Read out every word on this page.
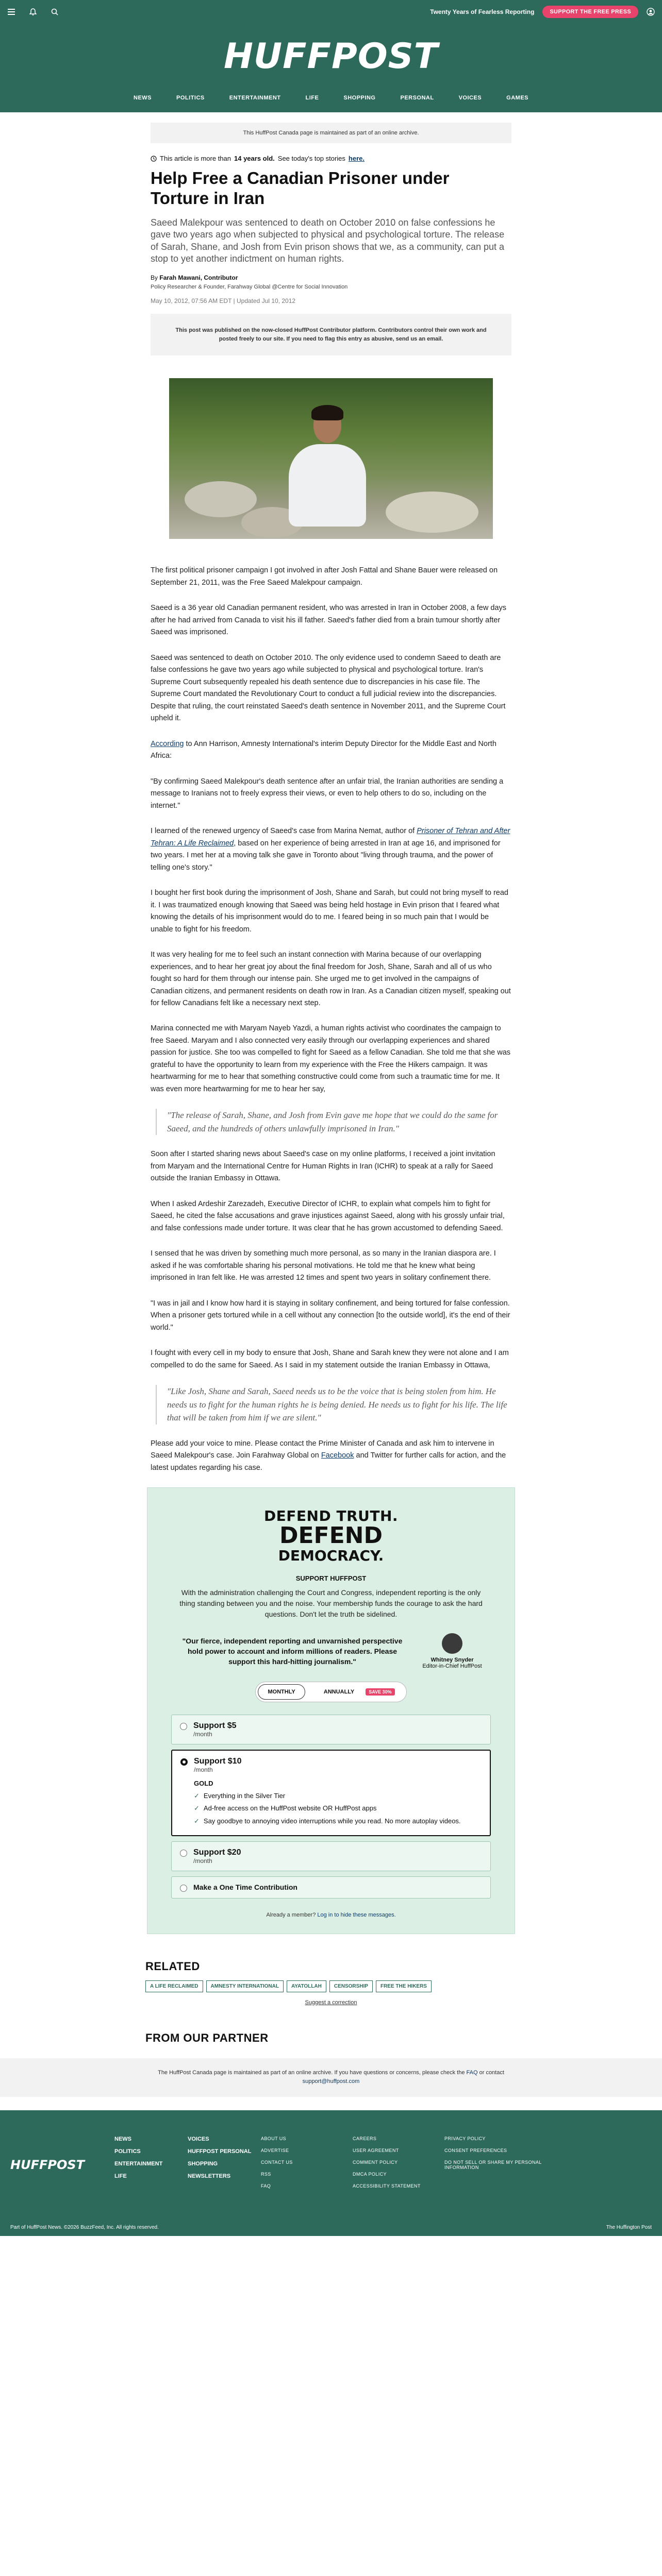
Twenty Years of Fearless Reporting	SUPPORT THE FREE PRESS
HUFFPOST
NEWS	POLITICS	ENTERTAINMENT	LIFE	SHOPPING	PERSONAL	VOICES	GAMES
This HuffPost Canada page is maintained as part of an online archive.
This article is more than 14 years old. See today's top stories here.
Help Free a Canadian Prisoner under Torture in Iran

Saeed Malekpour was sentenced to death on October 2010 on false confessions he gave two years ago when subjected to physical and psychological torture. The release of Sarah, Shane, and Josh from Evin prison shows that we, as a community, can put a stop to yet another indictment on human rights.

By Farah Mawani, Contributor
Policy Researcher & Founder, Farahway Global @Centre for Social Innovation
May 10, 2012, 07:56 AM EDT | Updated Jul 10, 2012
This post was published on the now-closed HuffPost Contributor platform. Contributors control their own work and posted freely to our site. If you need to flag this entry as abusive, send us an email.

The first political prisoner campaign I got involved in after Josh Fattal and Shane Bauer were released on September 21, 2011, was the Free Saeed Malekpour campaign.

Saeed is a 36 year old Canadian permanent resident, who was arrested in Iran in October 2008, a few days after he had arrived from Canada to visit his ill father. Saeed's father died from a brain tumour shortly after Saeed was imprisoned.

Saeed was sentenced to death on October 2010. The only evidence used to condemn Saeed to death are false confessions he gave two years ago while subjected to physical and psychological torture. Iran's Supreme Court subsequently repealed his death sentence due to discrepancies in his case file. The Supreme Court mandated the Revolutionary Court to conduct a full judicial review into the discrepancies. Despite that ruling, the court reinstated Saeed's death sentence in November 2011, and the Supreme Court upheld it.

According to Ann Harrison, Amnesty International's interim Deputy Director for the Middle East and North Africa:

"By confirming Saeed Malekpour's death sentence after an unfair trial, the Iranian authorities are sending a message to Iranians not to freely express their views, or even to help others to do so, including on the internet."

I learned of the renewed urgency of Saeed's case from Marina Nemat, author of Prisoner of Tehran and After Tehran: A Life Reclaimed, based on her experience of being arrested in Iran at age 16, and imprisoned for two years. I met her at a moving talk she gave in Toronto about "living through trauma, and the power of telling one's story."

I bought her first book during the imprisonment of Josh, Shane and Sarah, but could not bring myself to read it. I was traumatized enough knowing that Saeed was being held hostage in Evin prison that I feared what knowing the details of his imprisonment would do to me. I feared being in so much pain that I would be unable to fight for his freedom.

It was very healing for me to feel such an instant connection with Marina because of our overlapping experiences, and to hear her great joy about the final freedom for Josh, Shane, Sarah and all of us who fought so hard for them through our intense pain. She urged me to get involved in the campaigns of Canadian citizens, and permanent residents on death row in Iran. As a Canadian citizen myself, speaking out for fellow Canadians felt like a necessary next step.

Marina connected me with Maryam Nayeb Yazdi, a human rights activist who coordinates the campaign to free Saeed. Maryam and I also connected very easily through our overlapping experiences and shared passion for justice. She too was compelled to fight for Saeed as a fellow Canadian. She told me that she was grateful to have the opportunity to learn from my experience with the Free the Hikers campaign. It was heartwarming for me to hear that something constructive could come from such a traumatic time for me. It was even more heartwarming for me to hear her say,

"The release of Sarah, Shane, and Josh from Evin gave me hope that we could do the same for Saeed, and the hundreds of others unlawfully imprisoned in Iran."

Soon after I started sharing news about Saeed's case on my online platforms, I received a joint invitation from Maryam and the International Centre for Human Rights in Iran (ICHR) to speak at a rally for Saeed outside the Iranian Embassy in Ottawa.

When I asked Ardeshir Zarezadeh, Executive Director of ICHR, to explain what compels him to fight for Saeed, he cited the false accusations and grave injustices against Saeed, along with his grossly unfair trial, and false confessions made under torture. It was clear that he has grown accustomed to defending Saeed.

I sensed that he was driven by something much more personal, as so many in the Iranian diaspora are. I asked if he was comfortable sharing his personal motivations. He told me that he knew what being imprisoned in Iran felt like. He was arrested 12 times and spent two years in solitary confinement there.

"I was in jail and I know how hard it is staying in solitary confinement, and being tortured for false confession. When a prisoner gets tortured while in a cell without any connection [to the outside world], it's the end of their world."

I fought with every cell in my body to ensure that Josh, Shane and Sarah knew they were not alone and I am compelled to do the same for Saeed. As I said in my statement outside the Iranian Embassy in Ottawa,

"Like Josh, Shane and Sarah, Saeed needs us to be the voice that is being stolen from him. He needs us to fight for the human rights he is being denied. He needs us to fight for his life. The life that will be taken from him if we are silent."

Please add your voice to mine. Please contact the Prime Minister of Canada and ask him to intervene in Saeed Malekpour's case. Join Farahway Global on Facebook and Twitter for further calls for action, and the latest updates regarding his case.

DEFEND TRUTH.
DEFEND
DEMOCRACY.
SUPPORT HUFFPOST

With the administration challenging the Court and Congress, independent reporting is the only thing standing between you and the noise. Your membership funds the courage to ask the hard questions. Don't let the truth be sidelined.

"Our fierce, independent reporting and unvarnished perspective hold power to account and inform millions of readers. Please support this hard-hitting journalism."	Whitney Snyder
Editor-in-Chief HuffPost
MONTHLY	ANNUALLY	SAVE 30%
Support $5
/month
Support $10
/month
GOLD
✓ Everything in the Silver Tier
✓ Ad-free access on the HuffPost website OR HuffPost apps
✓ Say goodbye to annoying video interruptions while you read. No more autoplay videos.
Support $20
/month
Make a One Time Contribution
Already a member? Log in to hide these messages.
RELATED
A LIFE RECLAIMED	AMNESTY INTERNATIONAL	AYATOLLAH	CENSORSHIP	FREE THE HIKERS
Suggest a correction
FROM OUR PARTNER
The HuffPost Canada page is maintained as part of an online archive. If you have questions or concerns, please check the FAQ or contact
support@huffpost.com
HUFFPOST
NEWS
POLITICS
ENTERTAINMENT
LIFE
VOICES
HUFFPOST PERSONAL
SHOPPING
NEWSLETTERS
ABOUT US
ADVERTISE
CONTACT US
RSS
FAQ
CAREERS
USER AGREEMENT
COMMENT POLICY
DMCA POLICY
ACCESSIBILITY STATEMENT
PRIVACY POLICY
CONSENT PREFERENCES
DO NOT SELL OR SHARE MY PERSONAL INFORMATION
Part of HuffPost News. ©2026 BuzzFeed, Inc. All rights reserved.	The Huffington Post
